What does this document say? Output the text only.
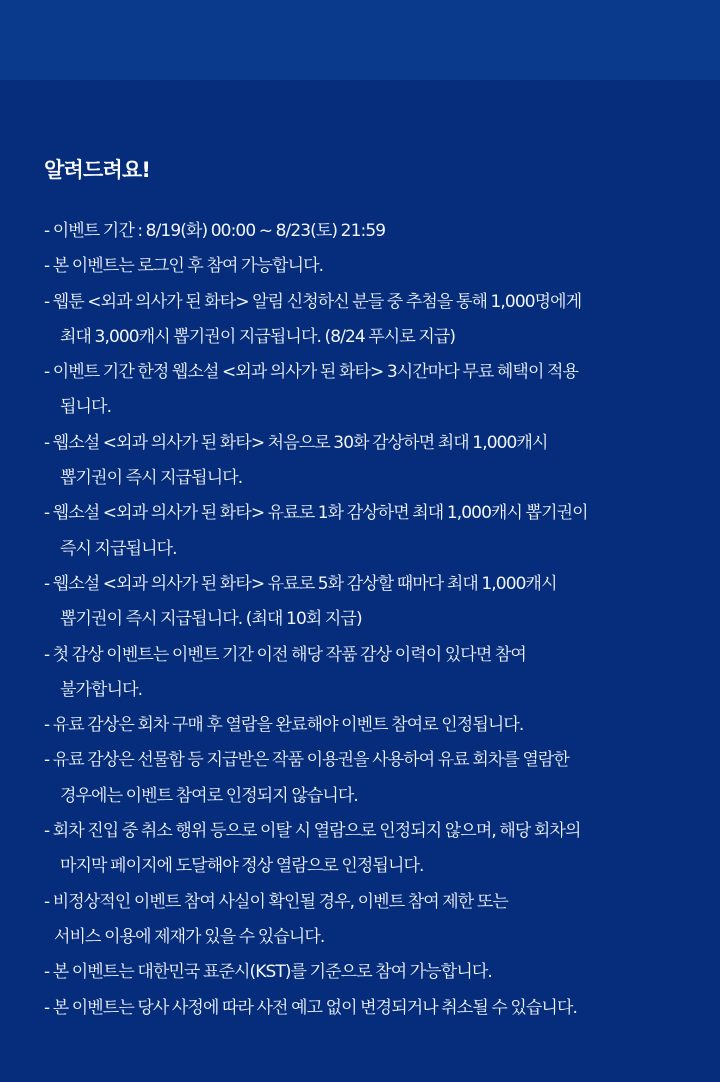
알려드려요!
- 이벤트 기간 : 8/19(화) 00:00 ~ 8/23(토) 21:59
- 본 이벤트는 로그인 후 참여 가능합니다.
- 웹툰 <외과 의사가 된 화타> 알림 신청하신 분들 중 추첨을 통해 1,000명에게
최대 3,000캐시 뽑기권이 지급됩니다. (8/24 푸시로 지급)
- 이벤트 기간 한정 웹소설 <외과 의사가 된 화타> 3시간마다 무료 혜택이 적용
됩니다.
- 웹소설 <외과 의사가 된 화타> 처음으로 30화 감상하면 최대 1,000캐시
뽑기권이 즉시 지급됩니다.
- 웹소설 <외과 의사가 된 화타> 유료로 1화 감상하면 최대 1,000캐시 뽑기권이
즉시 지급됩니다.
- 웹소설 <외과 의사가 된 화타> 유료로 5화 감상할 때마다 최대 1,000캐시
뽑기권이 즉시 지급됩니다. (최대 10회 지급)
- 첫 감상 이벤트는 이벤트 기간 이전 해당 작품 감상 이력이 있다면 참여
불가합니다.
- 유료 감상은 회차 구매 후 열람을 완료해야 이벤트 참여로 인정됩니다.
- 유료 감상은 선물함 등 지급받은 작품 이용권을 사용하여 유료 회차를 열람한
경우에는 이벤트 참여로 인정되지 않습니다.
- 회차 진입 중 취소 행위 등으로 이탈 시 열람으로 인정되지 않으며, 해당 회차의
마지막 페이지에 도달해야 정상 열람으로 인정됩니다.
- 비정상적인 이벤트 참여 사실이 확인될 경우, 이벤트 참여 제한 또는
서비스 이용에 제재가 있을 수 있습니다.
- 본 이벤트는 대한민국 표준시(KST)를 기준으로 참여 가능합니다.
- 본 이벤트는 당사 사정에 따라 사전 예고 없이 변경되거나 취소될 수 있습니다.
